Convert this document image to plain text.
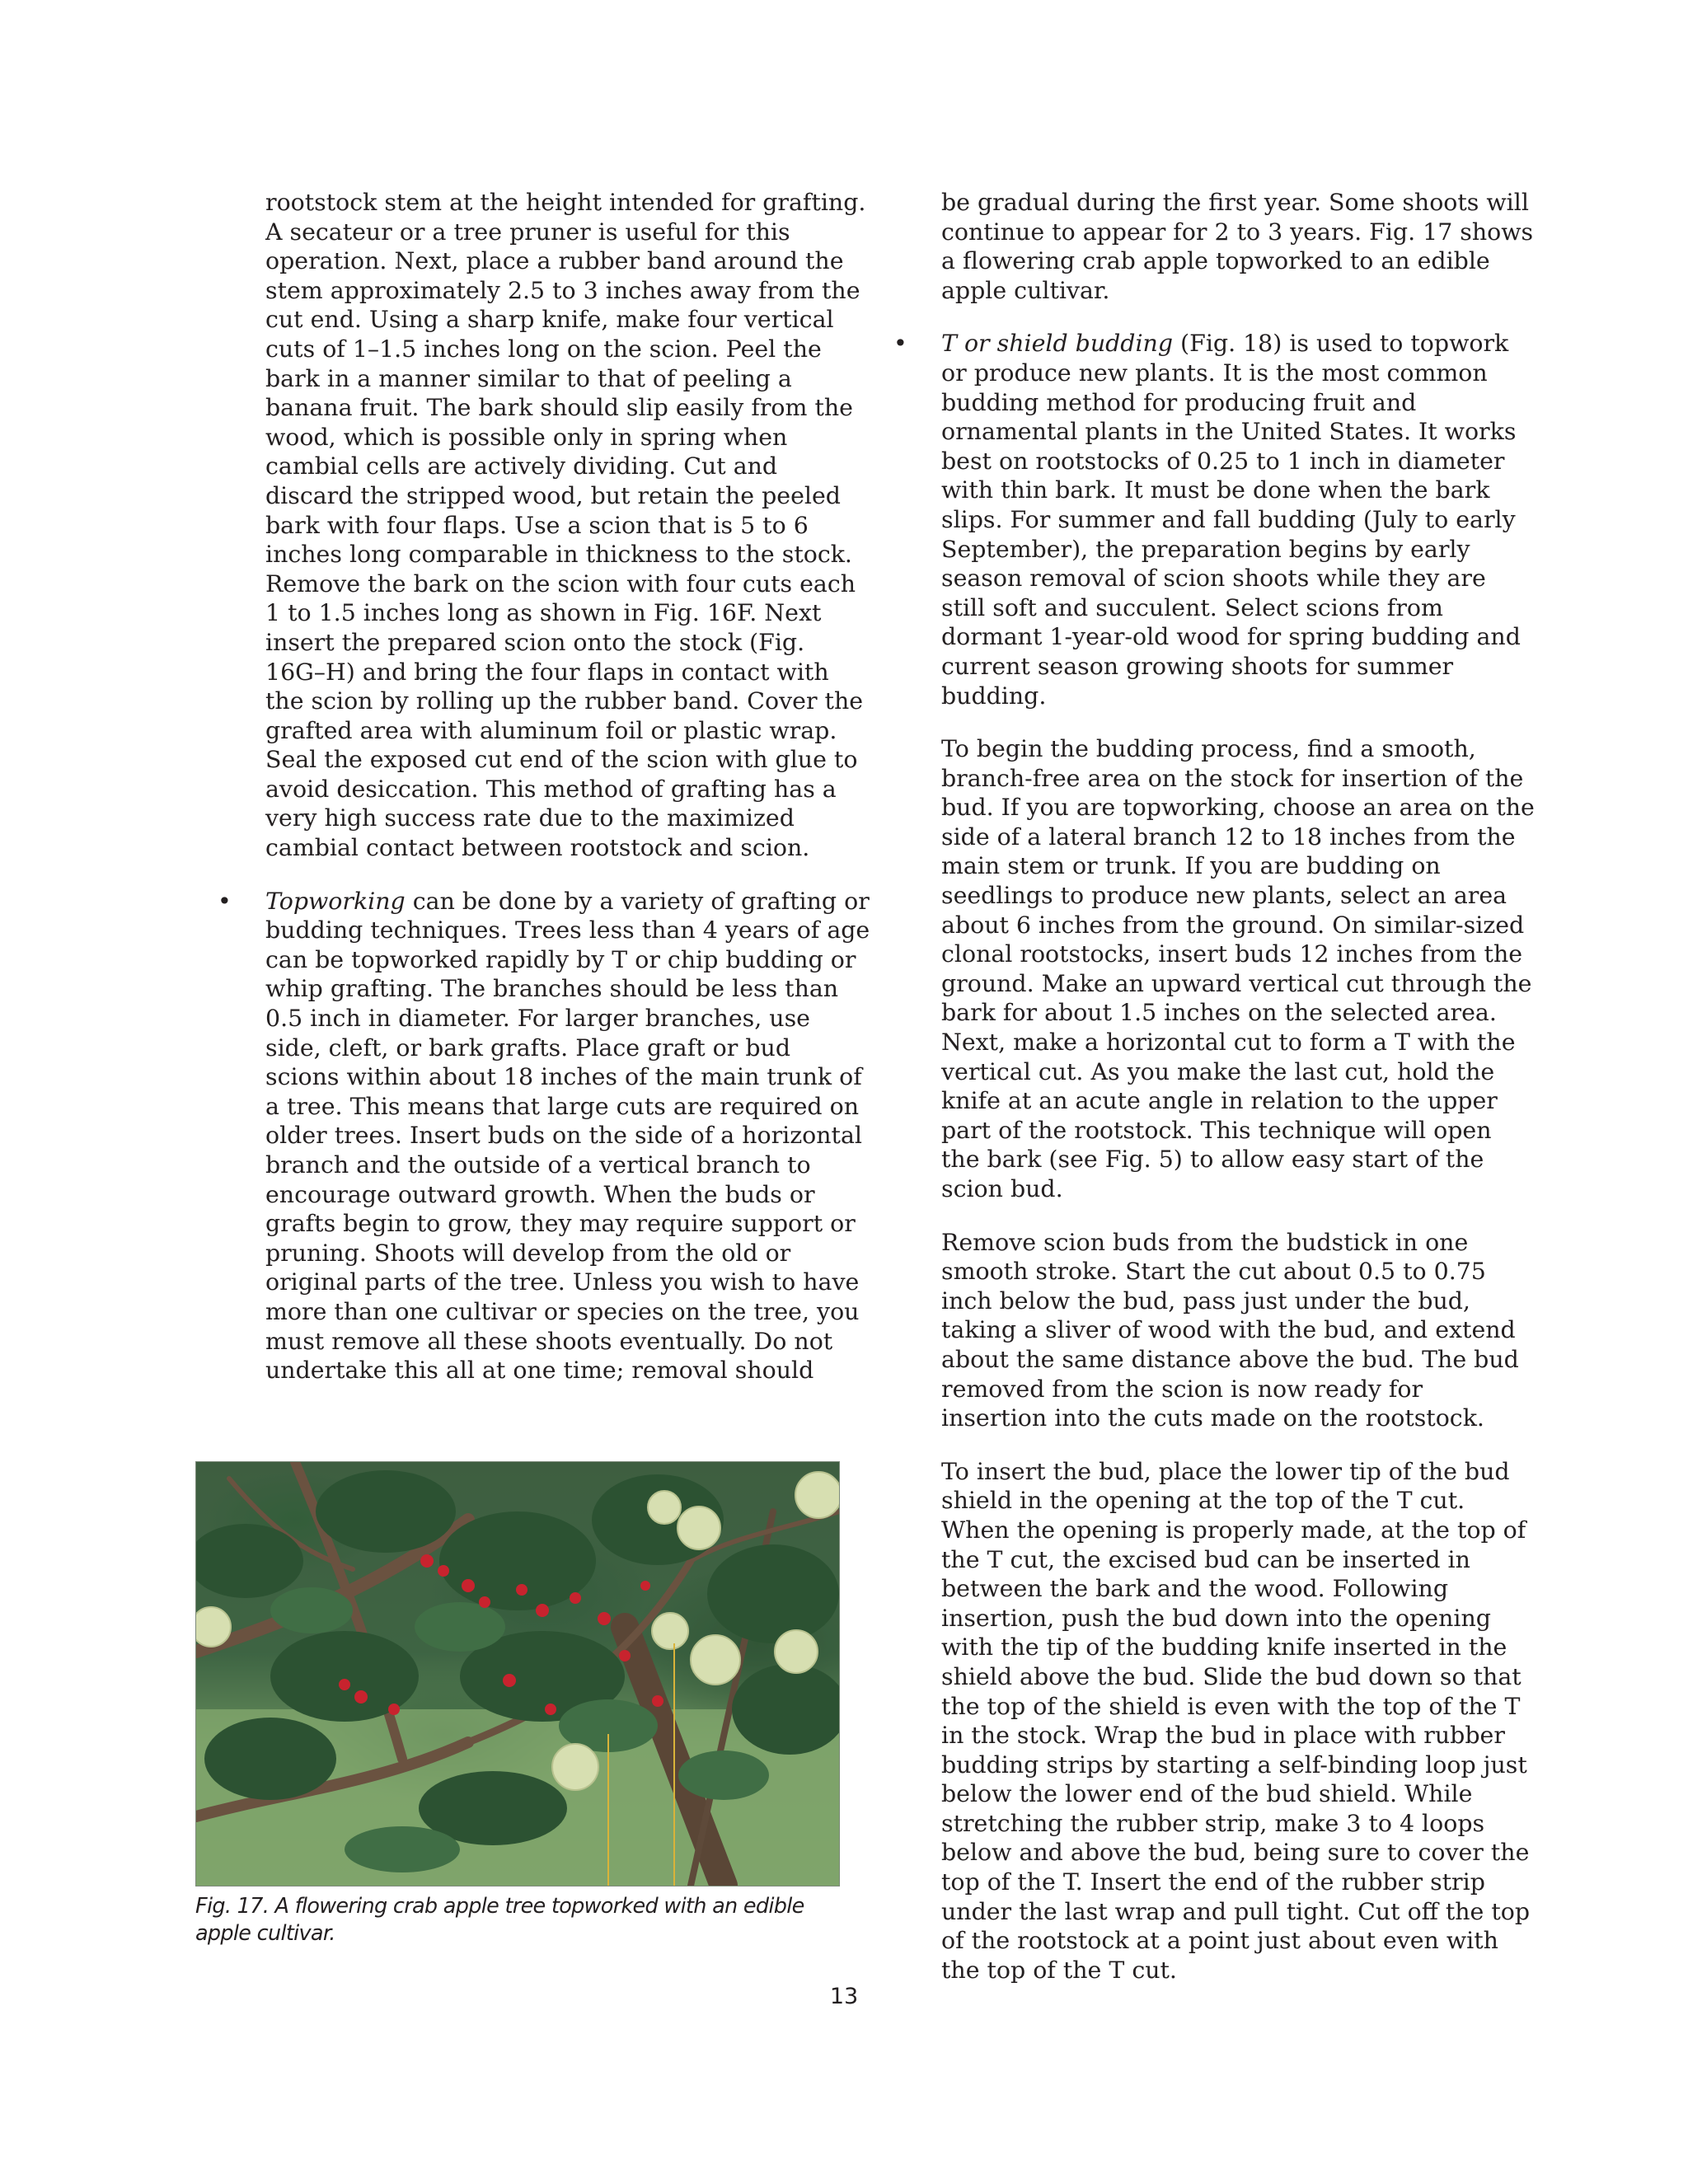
rootstock stem at the height intended for grafting. A secateur or a tree pruner is useful for this operation. Next, place a rubber band around the stem approximately 2.5 to 3 inches away from the cut end. Using a sharp knife, make four vertical cuts of 1–1.5 inches long on the scion. Peel the bark in a manner similar to that of peeling a banana fruit. The bark should slip easily from the wood, which is possible only in spring when cambial cells are actively dividing. Cut and discard the stripped wood, but retain the peeled bark with four flaps. Use a scion that is 5 to 6 inches long comparable in thickness to the stock. Remove the bark on the scion with four cuts each 1 to 1.5 inches long as shown in Fig. 16F. Next insert the prepared scion onto the stock (Fig. 16G–H) and bring the four flaps in contact with the scion by rolling up the rubber band. Cover the grafted area with aluminum foil or plastic wrap. Seal the exposed cut end of the scion with glue to avoid desiccation. This method of grafting has a very high success rate due to the maximized cambial contact between rootstock and scion.

• Topworking can be done by a variety of grafting or budding techniques. Trees less than 4 years of age can be topworked rapidly by T or chip budding or whip grafting. The branches should be less than 0.5 inch in diameter. For larger branches, use side, cleft, or bark grafts. Place graft or bud scions within about 18 inches of the main trunk of a tree. This means that large cuts are required on older trees. Insert buds on the side of a horizontal branch and the outside of a vertical branch to encourage outward growth. When the buds or grafts begin to grow, they may require support or pruning. Shoots will develop from the old or original parts of the tree. Unless you wish to have more than one cultivar or species on the tree, you must remove all these shoots eventually. Do not undertake this all at one time; removal should

be gradual during the first year. Some shoots will continue to appear for 2 to 3 years. Fig. 17 shows a flowering crab apple topworked to an edible apple cultivar.

• T or shield budding (Fig. 18) is used to topwork or produce new plants. It is the most common budding method for producing fruit and ornamental plants in the United States. It works best on rootstocks of 0.25 to 1 inch in diameter with thin bark. It must be done when the bark slips. For summer and fall budding (July to early September), the preparation begins by early season removal of scion shoots while they are still soft and succulent. Select scions from dormant 1-year-old wood for spring budding and current season growing shoots for summer budding.

To begin the budding process, find a smooth, branch-free area on the stock for insertion of the bud. If you are topworking, choose an area on the side of a lateral branch 12 to 18 inches from the main stem or trunk. If you are budding on seedlings to produce new plants, select an area about 6 inches from the ground. On similar-sized clonal rootstocks, insert buds 12 inches from the ground. Make an upward vertical cut through the bark for about 1.5 inches on the selected area. Next, make a horizontal cut to form a T with the vertical cut. As you make the last cut, hold the knife at an acute angle in relation to the upper part of the rootstock. This technique will open the bark (see Fig. 5) to allow easy start of the scion bud.

Remove scion buds from the budstick in one smooth stroke. Start the cut about 0.5 to 0.75 inch below the bud, pass just under the bud, taking a sliver of wood with the bud, and extend about the same distance above the bud. The bud removed from the scion is now ready for insertion into the cuts made on the rootstock.

To insert the bud, place the lower tip of the bud shield in the opening at the top of the T cut. When the opening is properly made, at the top of the T cut, the excised bud can be inserted in between the bark and the wood. Following insertion, push the bud down into the opening with the tip of the budding knife inserted in the shield above the bud. Slide the bud down so that the top of the shield is even with the top of the T in the stock. Wrap the bud in place with rubber budding strips by starting a self-binding loop just below the lower end of the bud shield. While stretching the rubber strip, make 3 to 4 loops below and above the bud, being sure to cover the top of the T. Insert the end of the rubber strip under the last wrap and pull tight. Cut off the top of the rootstock at a point just about even with the top of the T cut.

Fig. 17. A flowering crab apple tree topworked with an edible apple cultivar.
13
